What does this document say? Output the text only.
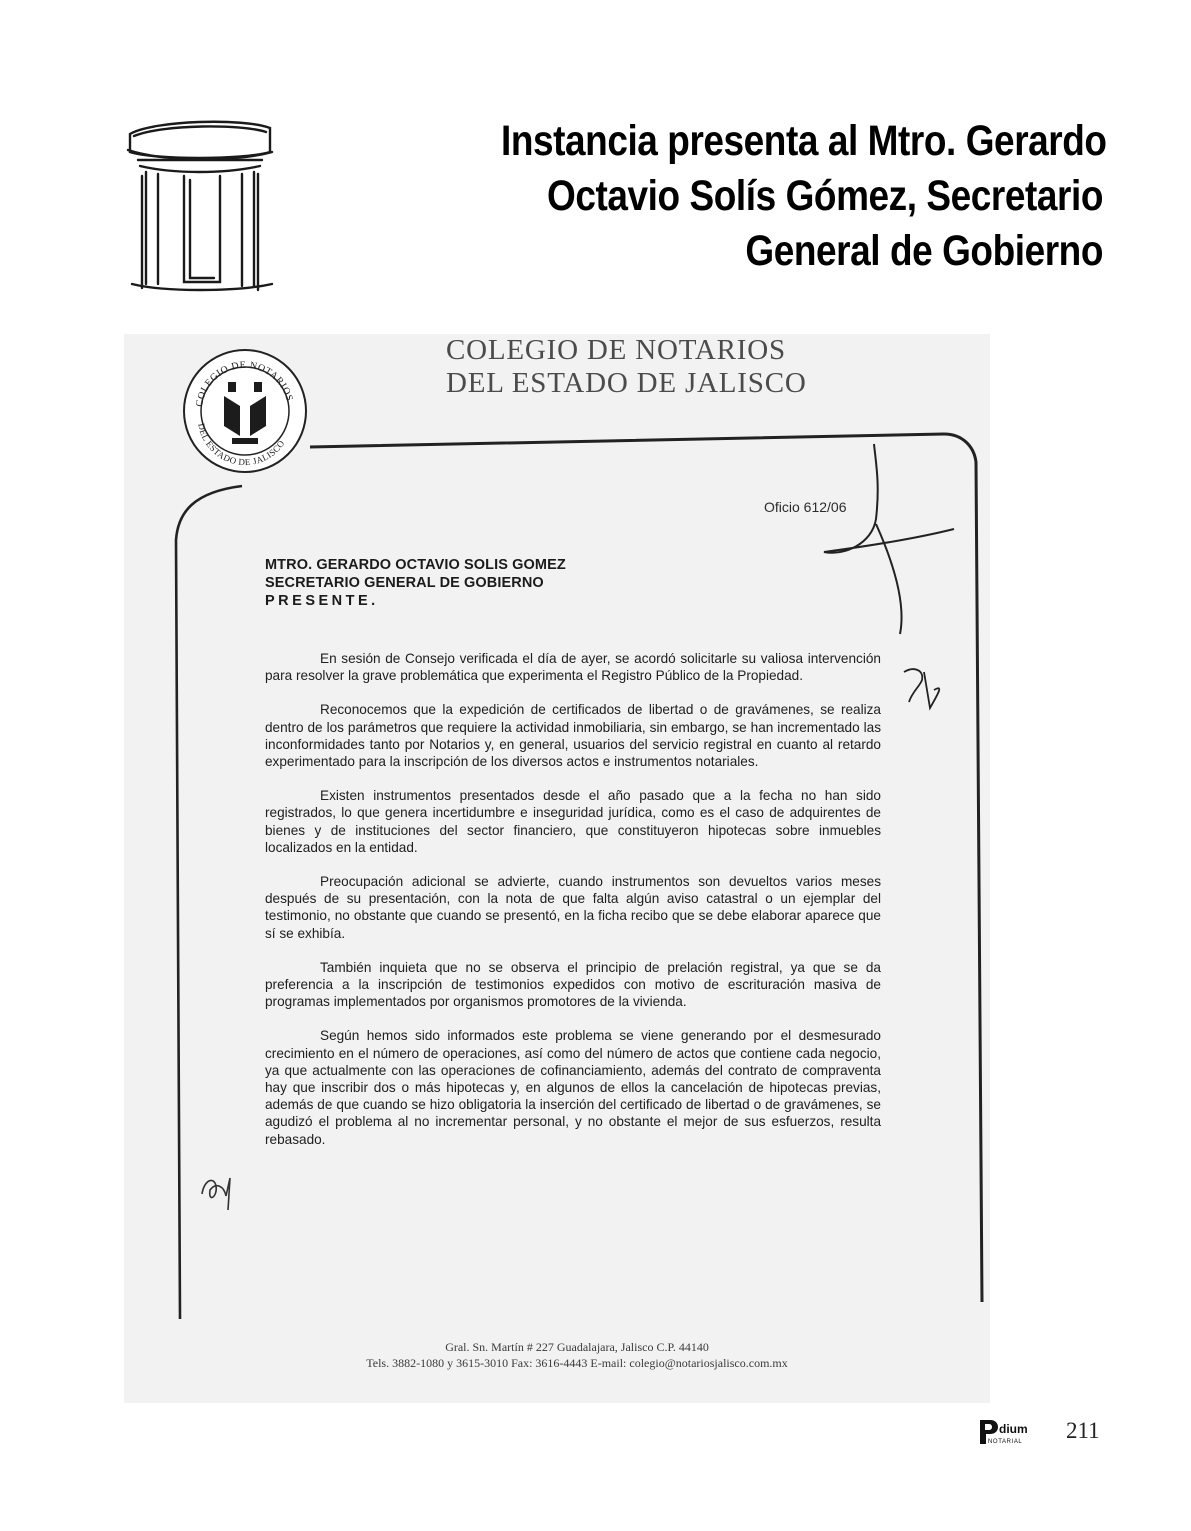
Instancia presenta al Mtro. Gerardo
Octavio Solís Gómez, Secretario
General de Gobierno
COLEGIO DE NOTARIOS
DEL ESTADO DE JALISCO
COLEGIO DE NOTARIOS
DEL ESTADO DE JALISCO
Oficio 612/06
MTRO. GERARDO OCTAVIO SOLIS GOMEZ
SECRETARIO GENERAL DE GOBIERNO
PRESENTE.

En sesión de Consejo verificada el día de ayer, se acordó solicitarle su valiosa intervención para resolver la grave problemática que experimenta el Registro Público de la Propiedad.

Reconocemos que la expedición de certificados de libertad o de gravámenes, se realiza dentro de los parámetros que requiere la actividad inmobiliaria, sin embargo, se han incrementado las inconformidades tanto por Notarios y, en general, usuarios del servicio registral en cuanto al retardo experimentado para la inscripción de los diversos actos e instrumentos notariales.

Existen instrumentos presentados desde el año pasado que a la fecha no han sido registrados, lo que genera incertidumbre e inseguridad jurídica, como es el caso de adquirentes de bienes y de instituciones del sector financiero, que constituyeron hipotecas sobre inmuebles localizados en la entidad.

Preocupación adicional se advierte, cuando instrumentos son devueltos varios meses después de su presentación, con la nota de que falta algún aviso catastral o un ejemplar del testimonio, no obstante que cuando se presentó, en la ficha recibo que se debe elaborar aparece que sí se exhibía.

También inquieta que no se observa el principio de prelación registral, ya que se da preferencia a la inscripción de testimonios expedidos con motivo de escrituración masiva de programas implementados por organismos promotores de la vivienda.

Según hemos sido informados este problema se viene generando por el desmesurado crecimiento en el número de operaciones, así como del número de actos que contiene cada negocio, ya que actualmente con las operaciones de cofinanciamiento, además del contrato de compraventa hay que inscribir dos o más hipotecas y, en algunos de ellos la cancelación de hipotecas previas, además de que cuando se hizo obligatoria la inserción del certificado de libertad o de gravámenes, se agudizó el problema al no incrementar personal, y no obstante el mejor de sus esfuerzos, resulta rebasado.

Gral. Sn. Martín # 227 Guadalajara, Jalisco C.P. 44140
Tels. 3882-1080 y 3615-3010 Fax: 3616-4443 E-mail: colegio@notariosjalisco.com.mx
dium
NOTARIAL 211
